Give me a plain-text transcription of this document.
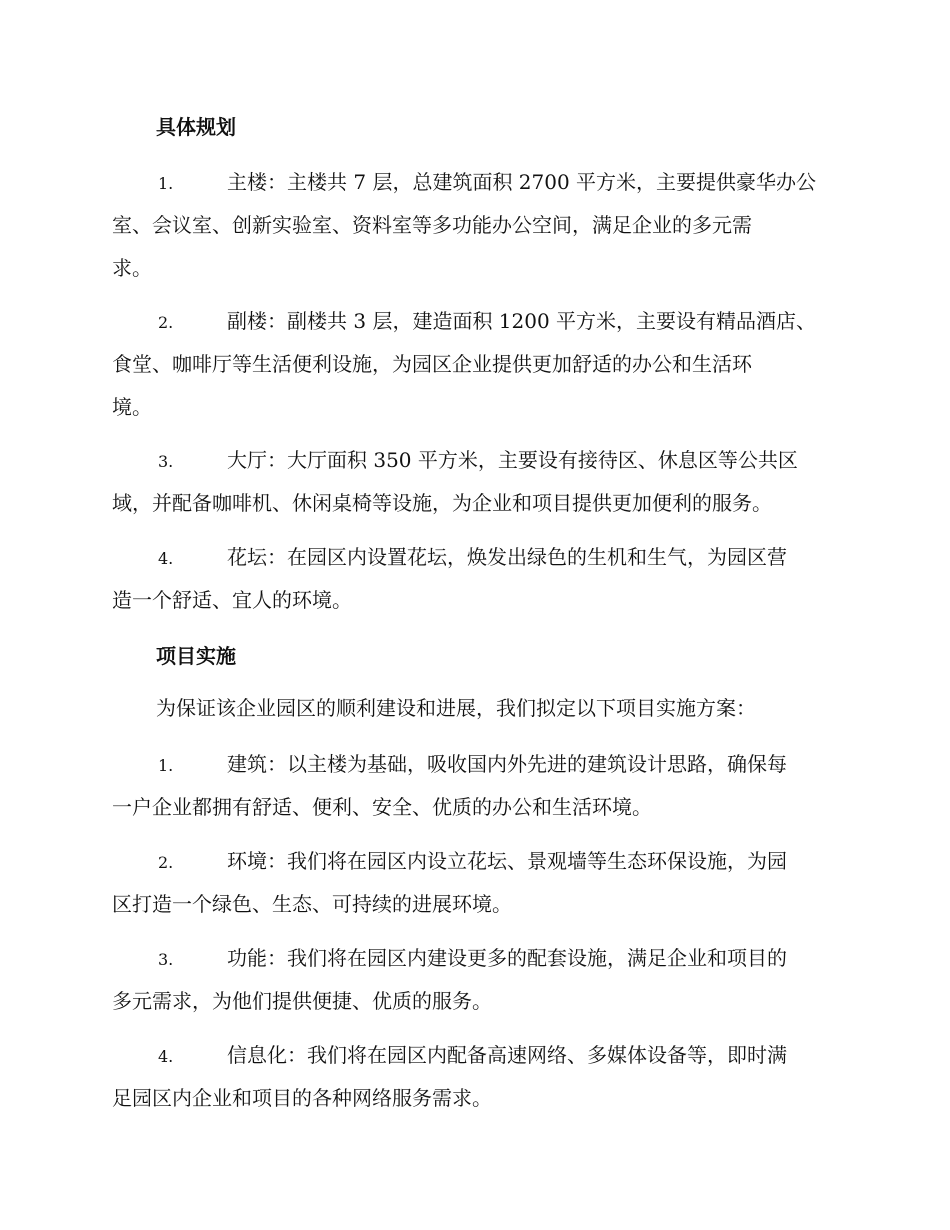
具体规划
1.	主楼：主楼共 7 层，总建筑面积 2700 平方米，主要提供豪华办公
室、会议室、创新实验室、资料室等多功能办公空间，满足企业的多元需
求。
2.	副楼：副楼共 3 层，建造面积 1200 平方米，主要设有精品酒店、
食堂、咖啡厅等生活便利设施，为园区企业提供更加舒适的办公和生活环
境。
3.	大厅：大厅面积 350 平方米，主要设有接待区、休息区等公共区
域，并配备咖啡机、休闲桌椅等设施，为企业和项目提供更加便利的服务。
4.	花坛：在园区内设置花坛，焕发出绿色的生机和生气，为园区营
造一个舒适、宜人的环境。
项目实施
为保证该企业园区的顺利建设和进展，我们拟定以下项目实施方案：
1.	建筑：以主楼为基础，吸收国内外先进的建筑设计思路，确保每
一户企业都拥有舒适、便利、安全、优质的办公和生活环境。
2.	环境：我们将在园区内设立花坛、景观墙等生态环保设施，为园
区打造一个绿色、生态、可持续的进展环境。
3.	功能：我们将在园区内建设更多的配套设施，满足企业和项目的
多元需求，为他们提供便捷、优质的服务。
4.	信息化：我们将在园区内配备高速网络、多媒体设备等，即时满
足园区内企业和项目的各种网络服务需求。
